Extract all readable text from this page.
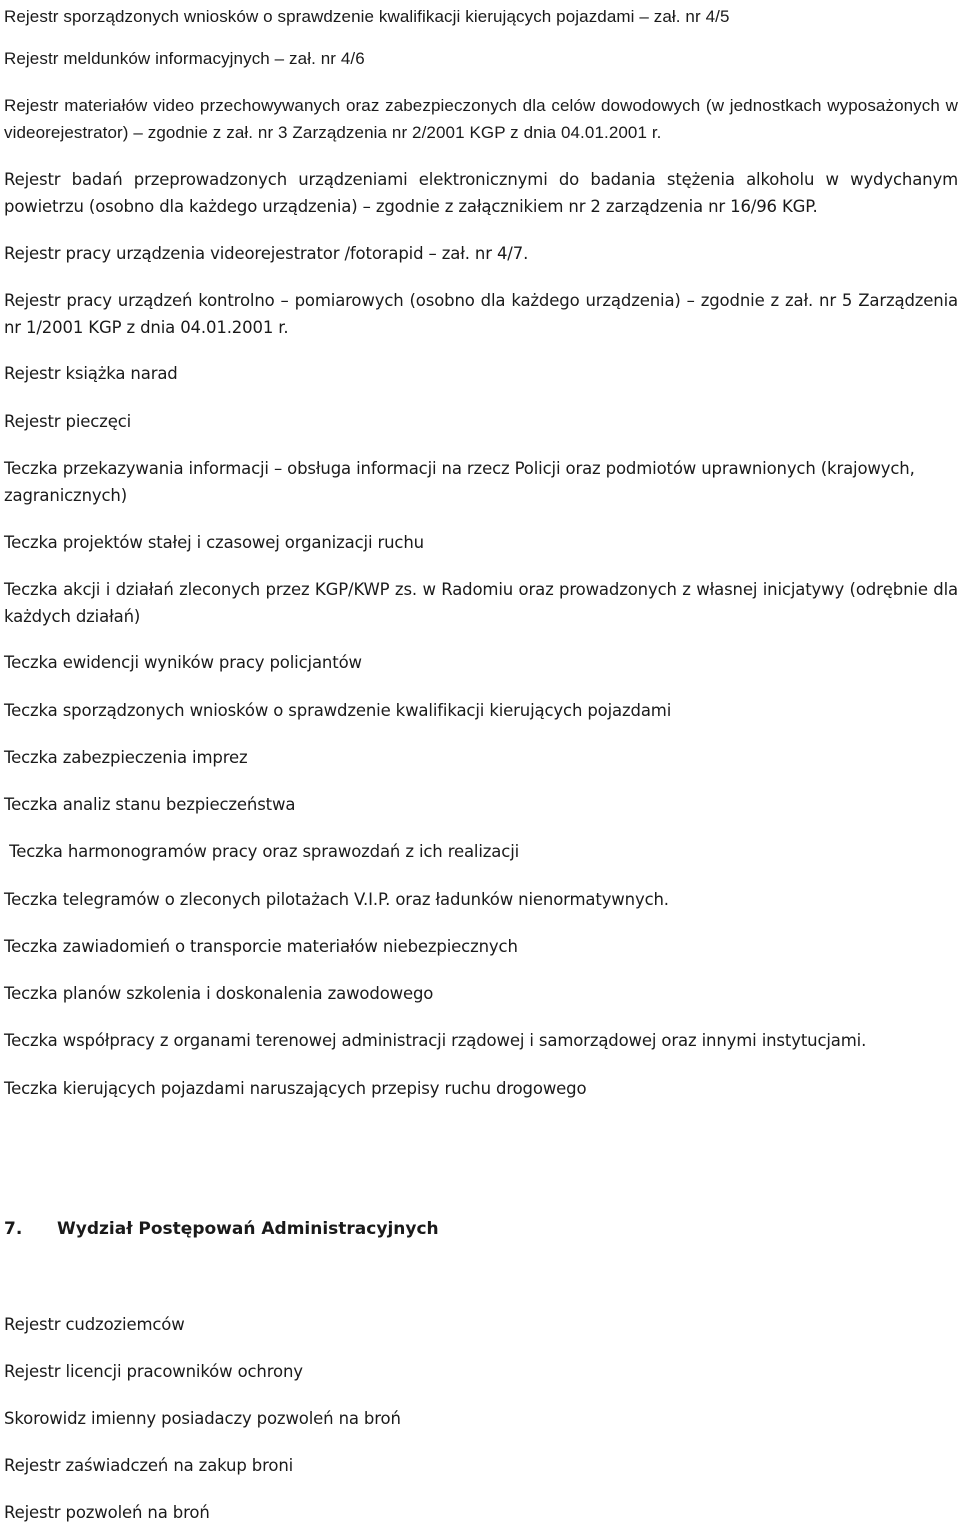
Rejestr sporządzonych wniosków o sprawdzenie kwalifikacji kierujących pojazdami – zał. nr 4/5

Rejestr meldunków informacyjnych – zał. nr 4/6

Rejestr materiałów video przechowywanych oraz zabezpieczonych dla celów dowodowych (w jednostkach wyposażonych w videorejestrator) – zgodnie z zał. nr 3 Zarządzenia nr 2/2001 KGP z dnia 04.01.2001 r.

Rejestr badań przeprowadzonych urządzeniami elektronicznymi do badania stężenia alkoholu w wydychanym powietrzu (osobno dla każdego urządzenia) – zgodnie z załącznikiem nr 2 zarządzenia nr 16/96 KGP.

Rejestr pracy urządzenia videorejestrator /fotorapid – zał. nr 4/7.

Rejestr pracy urządzeń kontrolno – pomiarowych (osobno dla każdego urządzenia) – zgodnie z zał. nr 5 Zarządzenia nr 1/2001 KGP z dnia 04.01.2001 r.

Rejestr książka narad

Rejestr pieczęci

Teczka przekazywania informacji – obsługa informacji na rzecz Policji oraz podmiotów uprawnionych (krajowych, zagranicznych)

Teczka projektów stałej i czasowej organizacji ruchu

Teczka akcji i działań zleconych przez KGP/KWP zs. w Radomiu oraz prowadzonych z własnej inicjatywy (odrębnie dla każdych działań)

Teczka ewidencji wyników pracy policjantów

Teczka sporządzonych wniosków o sprawdzenie kwalifikacji kierujących pojazdami

Teczka zabezpieczenia imprez

Teczka analiz stanu bezpieczeństwa

Teczka harmonogramów pracy oraz sprawozdań z ich realizacji

Teczka telegramów o zleconych pilotażach V.I.P. oraz ładunków nienormatywnych.

Teczka zawiadomień o transporcie materiałów niebezpiecznych

Teczka planów szkolenia i doskonalenia zawodowego

Teczka współpracy z organami terenowej administracji rządowej i samorządowej oraz innymi instytucjami.

Teczka kierujących pojazdami naruszających przepisy ruchu drogowego

7. Wydział Postępowań Administracyjnych

Rejestr cudzoziemców

Rejestr licencji pracowników ochrony

Skorowidz imienny posiadaczy pozwoleń na broń

Rejestr zaświadczeń na zakup broni

Rejestr pozwoleń na broń
